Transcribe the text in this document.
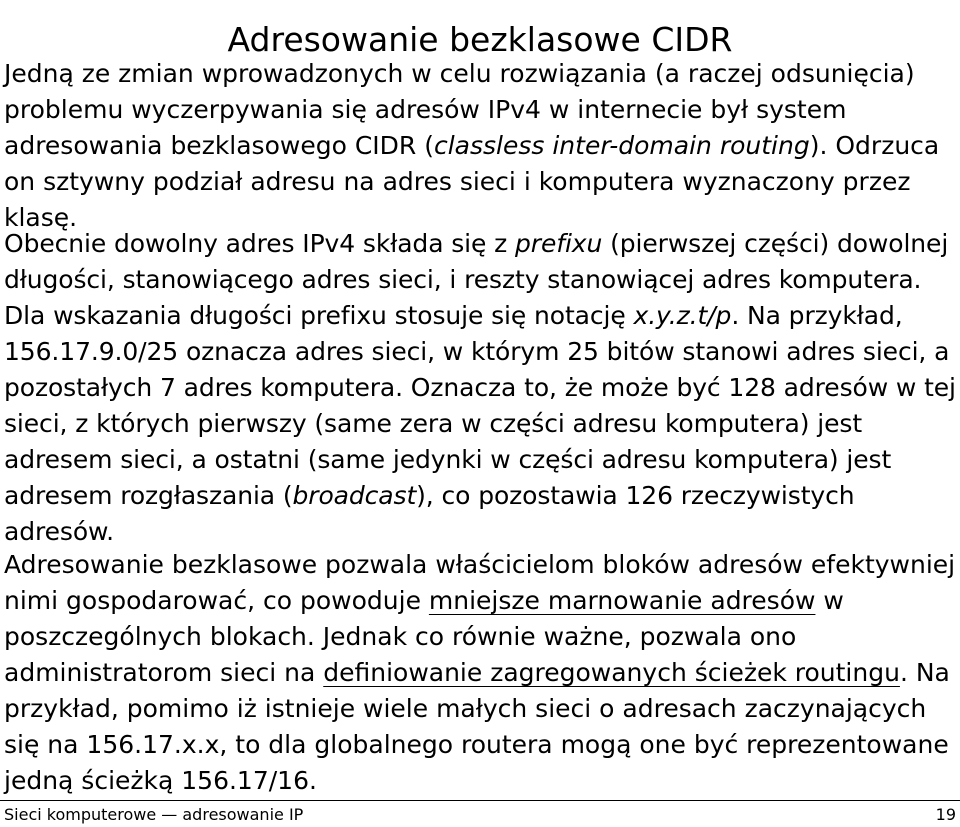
Adresowanie bezklasowe CIDR

Jedną ze zmian wprowadzonych w celu rozwiązania (a raczej odsunięcia) problemu wyczerpywania się adresów IPv4 w internecie był system adresowania bezklasowego CIDR (classless inter-domain routing). Odrzuca on sztywny podział adresu na adres sieci i komputera wyznaczony przez klasę.

Obecnie dowolny adres IPv4 składa się z prefixu (pierwszej części) dowolnej długości, stanowiącego adres sieci, i reszty stanowiącej adres komputera. Dla wskazania długości prefixu stosuje się notację x.y.z.t/p. Na przykład, 156.17.9.0/25 oznacza adres sieci, w którym 25 bitów stanowi adres sieci, a pozostałych 7 adres komputera. Oznacza to, że może być 128 adresów w tej sieci, z których pierwszy (same zera w części adresu komputera) jest adresem sieci, a ostatni (same jedynki w części adresu komputera) jest adresem rozgłaszania (broadcast), co pozostawia 126 rzeczywistych adresów.

Adresowanie bezklasowe pozwala właścicielom bloków adresów efektywniej nimi gospodarować, co powoduje mniejsze marnowanie adresów w poszczególnych blokach. Jednak co równie ważne, pozwala ono administratorom sieci na definiowanie zagregowanych ścieżek routingu. Na przykład, pomimo iż istnieje wiele małych sieci o adresach zaczynających się na 156.17.x.x, to dla globalnego routera mogą one być reprezentowane jedną ścieżką 156.17/16.

Sieci komputerowe — adresowanie IP	19
